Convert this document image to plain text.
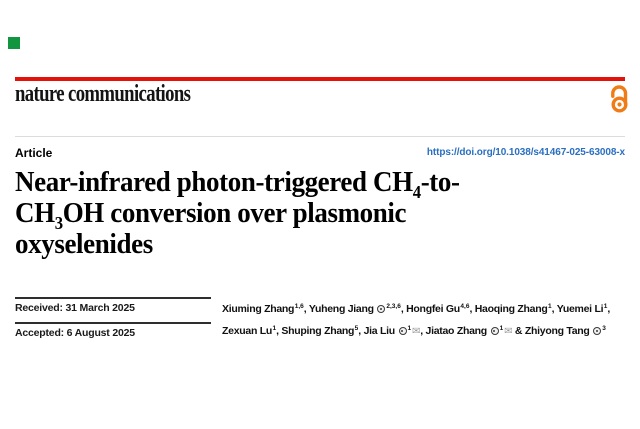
nature communications
Article	https://doi.org/10.1038/s41467-025-63008-x
Near-infrared photon-triggered $CH_4-to-$
$CH_3OH$ conversion over plasmonic
oxyselenides
Received: 31 March 2025
Accepted: 6 August 2025
Xiuming Zhang$^{1,6}$, Yuheng Jiang
$^{2,3,6}$, Hongfei Gu$^{4,6}$, Haoqing Zhang$^1$, Yuemei Li$^1$,
Zexuan Lu$^1$, Shuping Zhang$^5$, Jia Liu
$^1$✉, Jiatao Zhang
$^1$✉ & Zhiyong Tang
$^3$
